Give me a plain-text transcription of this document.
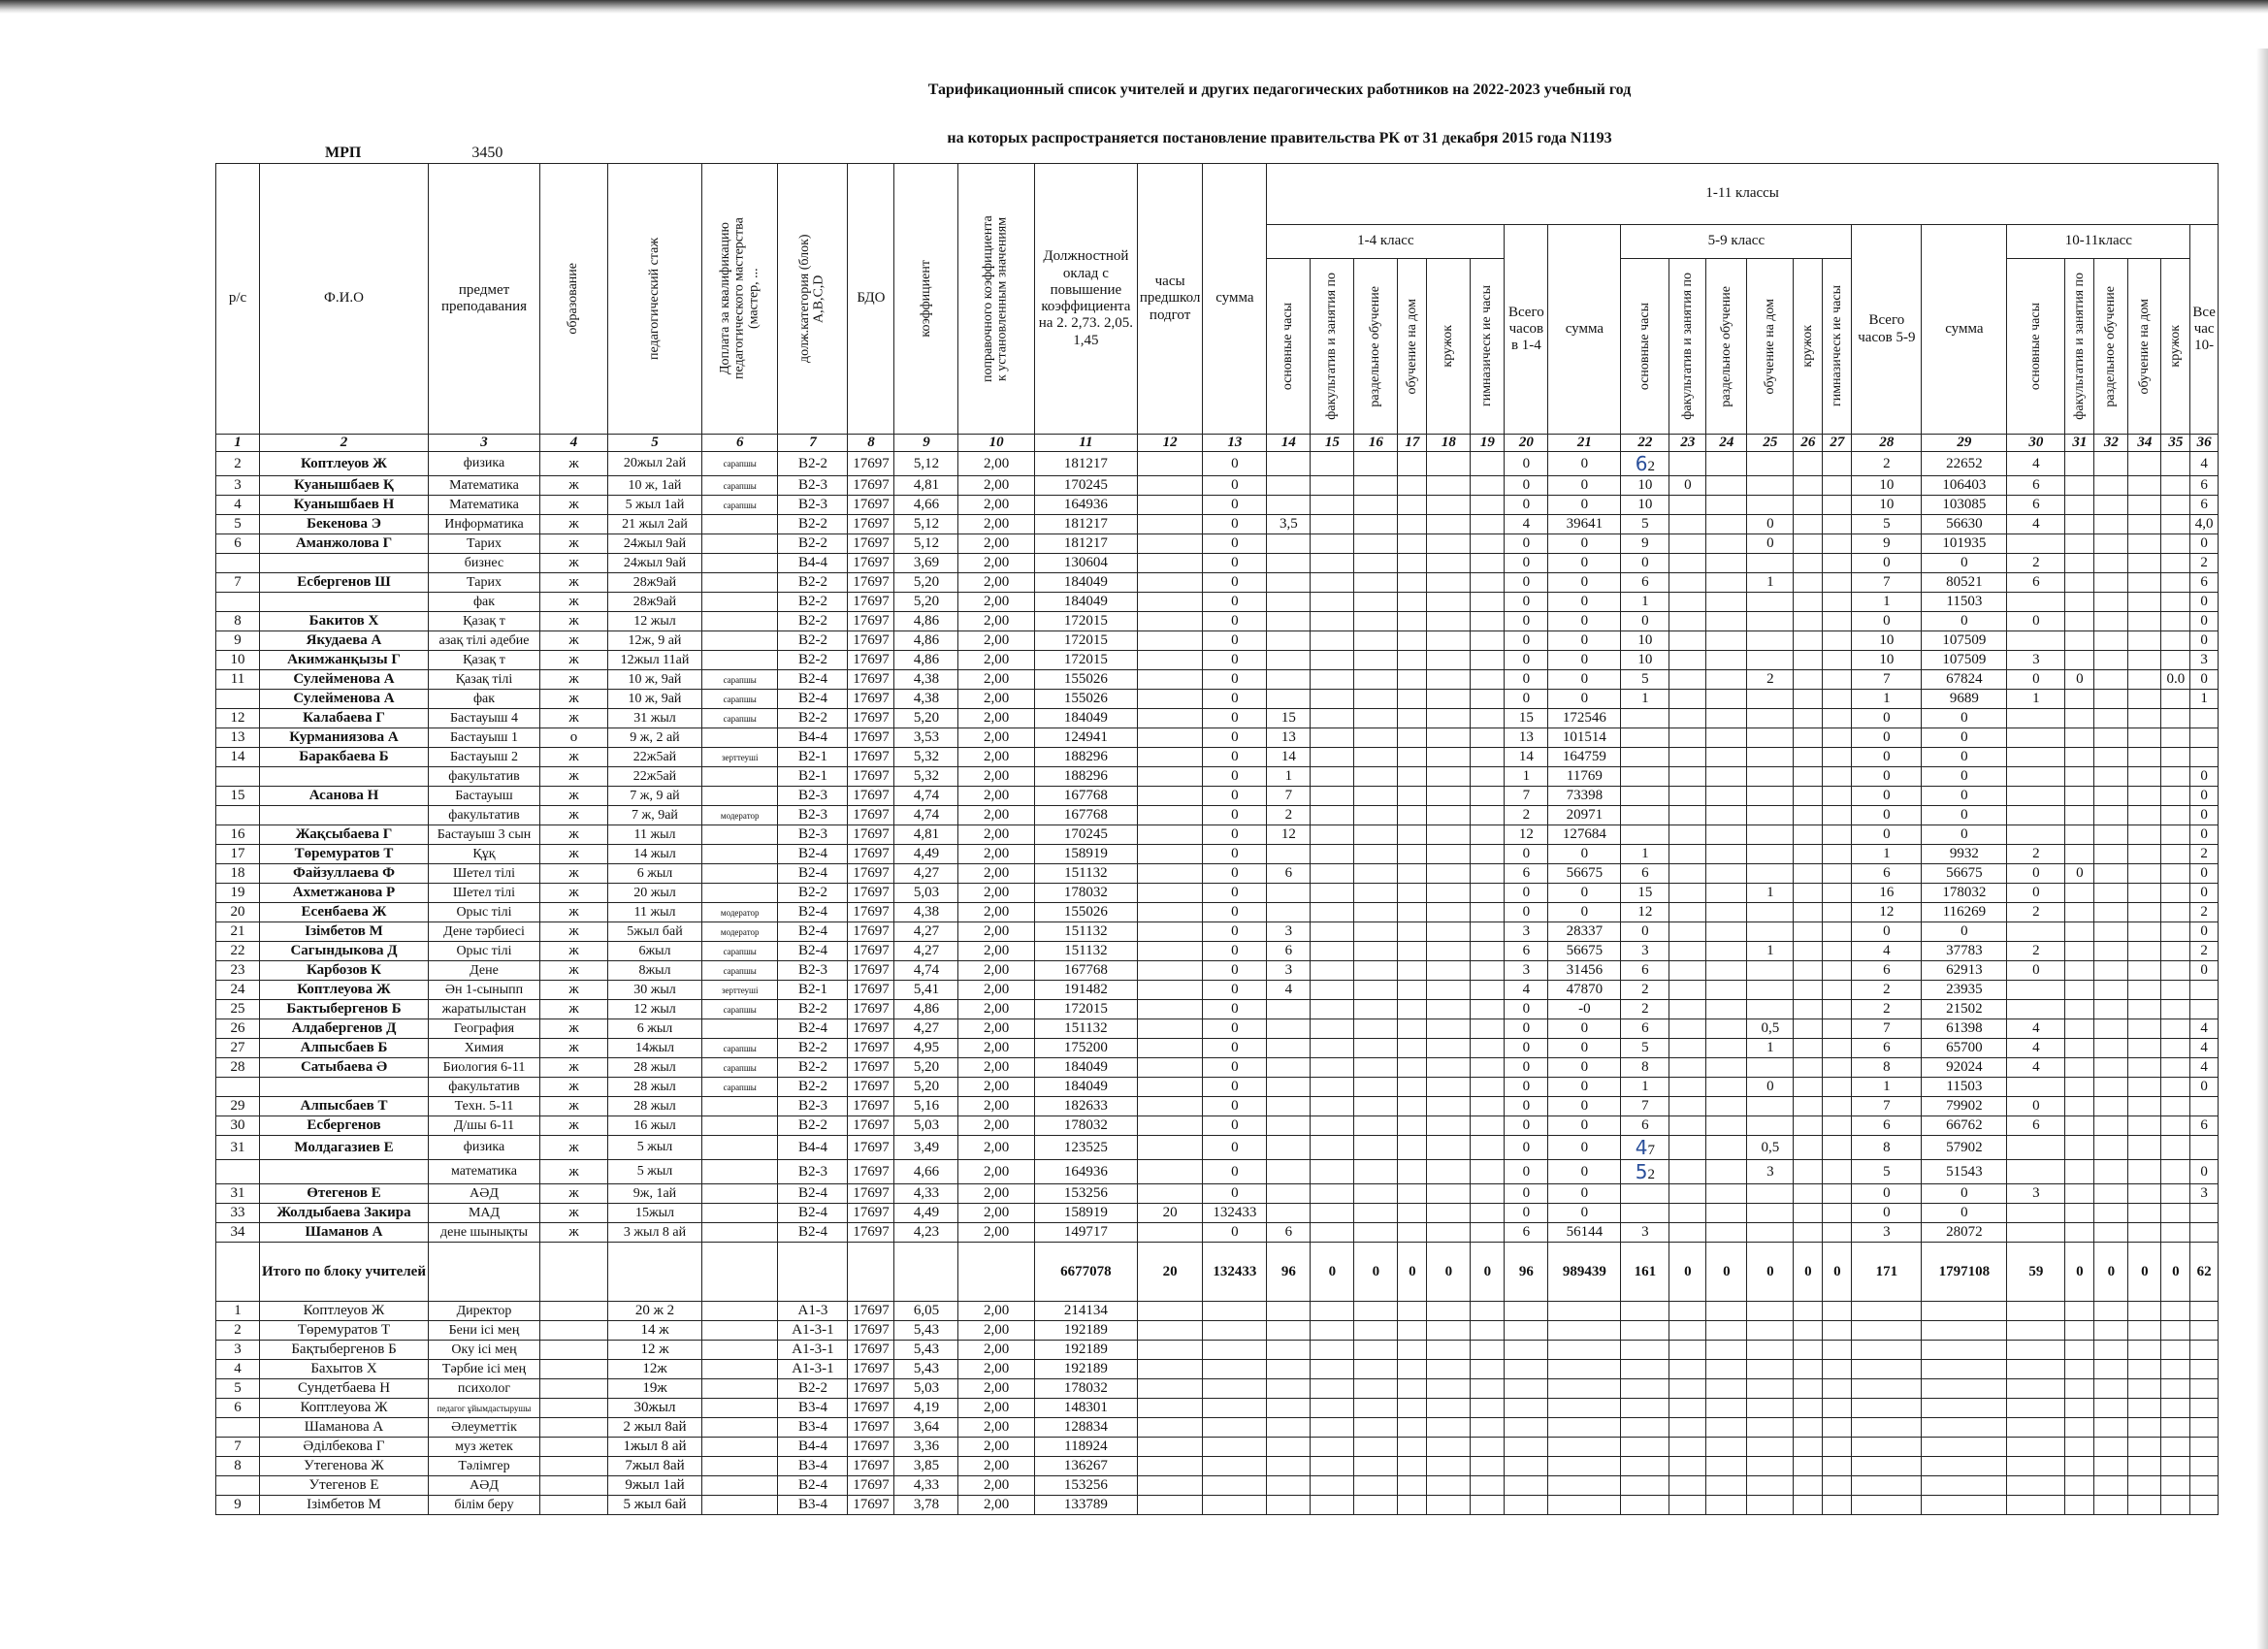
Тарификационный список учителей и других педагогических работников на 2022-2023 учебный год
на которых распространяется постановление правительства РК от 31 декабря 2015 года N1193
МРП	3450
р/с	Ф.И.О	предмет преподавания	образование	педагогический стаж	Доплата за квалификацию педагогического мастерства (мастер, ...	долж.категория (блок) A,B,C,D	БДО	коэффициент	поправочного коэффициента к установленным значениям	Должностной оклад с повышение коэффициента на 2. 2,73. 2,05. 1,45	часы предшкол подгот	сумма	1-11 классы																					
													1-4 класс						Всего часов в 1-4	сумма	5-9 класс						Всего часов 5-9	сумма	10-11класс					Все час 10-

													основные часы	факультатив и занятия по	раздельное обучение	обучение на дом	кружок	гимназическ ие часы			основные часы	факультатив и занятия по	раздельное обучение	обучение на дом	кружок	гимназическ ие часы			основные часы	факультатив и занятия по	раздельное обучение	обучение на дом	кружок	

1	2	3	4	5	6	7	8	9	10	11	12	13	14	15	16	17	18	19	20	21	22	23	24	25	26	27	28	29	30	31	32	34	35	36
2	Коптлеуов Ж	физика	ж	20жыл 2ай	сарапшы	В2-2	17697	5,12	2,00	181217		0							0	0	62						2	22652	4					4
3	Куанышбаев Қ	Математика	ж	10 ж, 1ай	сарапшы	В2-3	17697	4,81	2,00	170245		0							0	0	10	0					10	106403	6					6
4	Куанышбаев Н	Математика	ж	5 жыл 1ай	сарапшы	В2-3	17697	4,66	2,00	164936		0							0	0	10						10	103085	6					6
5	Бекенова Э	Информатика	ж	21 жыл 2ай		В2-2	17697	5,12	2,00	181217		0	3,5						4	39641	5			0			5	56630	4					4,0
6	Аманжолова Г	Тарих	ж	24жыл 9ай		В2-2	17697	5,12	2,00	181217		0							0	0	9			0			9	101935						0
		бизнес	ж	24жыл 9ай		В4-4	17697	3,69	2,00	130604		0							0	0	0						0	0	2					2
7	Есбергенов Ш	Тарих	ж	28ж9ай		В2-2	17697	5,20	2,00	184049		0							0	0	6			1			7	80521	6					6
		фак	ж	28ж9ай		В2-2	17697	5,20	2,00	184049		0							0	0	1						1	11503						0
8	Бакитов Х	Қазақ т	ж	12 жыл		В2-2	17697	4,86	2,00	172015		0							0	0	0						0	0	0					0
9	Якудаева А	азақ тілі әдебие	ж	12ж, 9 ай		В2-2	17697	4,86	2,00	172015		0							0	0	10						10	107509						0
10	Акимжанқызы Г	Қазақ т	ж	12жыл 11ай		В2-2	17697	4,86	2,00	172015		0							0	0	10						10	107509	3					3
11	Сулейменова А	Қазақ тілі	ж	10 ж, 9ай	сарапшы	В2-4	17697	4,38	2,00	155026		0							0	0	5			2			7	67824	0	0			0.0	0
	Сулейменова А	фак	ж	10 ж, 9ай	сарапшы	В2-4	17697	4,38	2,00	155026		0							0	0	1						1	9689	1					1
12	Калабаева Г	Бастауыш 4	ж	31 жыл	сарапшы	В2-2	17697	5,20	2,00	184049		0	15						15	172546							0	0						
13	Курманиязова А	Бастауыш 1	о	9 ж, 2 ай		В4-4	17697	3,53	2,00	124941		0	13						13	101514							0	0						
14	Баракбаева Б	Бастауыш 2	ж	22ж5ай	зерттеуші	В2-1	17697	5,32	2,00	188296		0	14						14	164759							0	0						
		факультатив	ж	22ж5ай		В2-1	17697	5,32	2,00	188296		0	1						1	11769							0	0						0
15	Асанова Н	Бастауыш	ж	7 ж, 9 ай		В2-3	17697	4,74	2,00	167768		0	7						7	73398							0	0						0
		факультатив	ж	7 ж, 9ай	модератор	В2-3	17697	4,74	2,00	167768		0	2						2	20971							0	0						0
16	Жақсыбаева Г	Бастауыш 3 сын	ж	11 жыл		В2-3	17697	4,81	2,00	170245		0	12						12	127684							0	0						0
17	Төремуратов Т	Құқ	ж	14 жыл		В2-4	17697	4,49	2,00	158919		0							0	0	1						1	9932	2					2
18	Файзуллаева Ф	Шетел тілі	ж	6 жыл		В2-4	17697	4,27	2,00	151132		0	6						6	56675	6						6	56675	0	0				0
19	Ахметжанова Р	Шетел тілі	ж	20 жыл		В2-2	17697	5,03	2,00	178032		0							0	0	15			1			16	178032	0					0
20	Есенбаева Ж	Орыс тілі	ж	11 жыл	модератор	В2-4	17697	4,38	2,00	155026		0							0	0	12						12	116269	2					2
21	Ізімбетов М	Дене тәрбиесі	ж	5жыл бай	модератор	В2-4	17697	4,27	2,00	151132		0	3						3	28337	0						0	0						0
22	Сагындыкова Д	Орыс тілі	ж	6жыл	сарапшы	В2-4	17697	4,27	2,00	151132		0	6						6	56675	3			1			4	37783	2					2
23	Карбозов К	Дене	ж	8жыл	сарапшы	В2-3	17697	4,74	2,00	167768		0	3						3	31456	6						6	62913	0					0
24	Коптлеуова Ж	Ән 1-сыныпп	ж	30 жыл	зерттеуші	В2-1	17697	5,41	2,00	191482		0	4						4	47870	2						2	23935						
25	Бактыбергенов Б	жаратылыстан	ж	12 жыл	сарапшы	В2-2	17697	4,86	2,00	172015		0							0	-0	2						2	21502						
26	Алдабергенов Д	География	ж	6 жыл		В2-4	17697	4,27	2,00	151132		0							0	0	6			0,5			7	61398	4					4
27	Алпысбаев Б	Химия	ж	14жыл	сарапшы	В2-2	17697	4,95	2,00	175200		0							0	0	5			1			6	65700	4					4
28	Сатыбаева Ә	Биология 6-11	ж	28 жыл	сарапшы	В2-2	17697	5,20	2,00	184049		0							0	0	8						8	92024	4					4
		факультатив	ж	28 жыл	сарапшы	В2-2	17697	5,20	2,00	184049		0							0	0	1			0			1	11503						0
29	Алпысбаев Т	Техн. 5-11	ж	28 жыл		В2-3	17697	5,16	2,00	182633		0							0	0	7						7	79902	0					
30	Есбергенов	Д/шы 6-11	ж	16 жыл		В2-2	17697	5,03	2,00	178032		0							0	0	6						6	66762	6					6
31	Молдагазиев Е	физика	ж	5 жыл		В4-4	17697	3,49	2,00	123525		0							0	0	47			0,5			8	57902						
		математика	ж	5 жыл		В2-3	17697	4,66	2,00	164936		0							0	0	52			3			5	51543						0
31	Өтегенов Е	АӘД	ж	9ж, 1ай		В2-4	17697	4,33	2,00	153256		0							0	0							0	0	3					3
33	Жолдыбаева Закира	МАД	ж	15жыл		В2-4	17697	4,49	2,00	158919	20	132433							0	0							0	0						
34	Шаманов А	дене шынықты	ж	3 жыл 8 ай		В2-4	17697	4,23	2,00	149717		0	6						6	56144	3						3	28072						
	Итого по блоку учителей									6677078	20	132433	96	0	0	0	0	0	96	989439	161	0	0	0	0	0	171	1797108	59	0	0	0	0	62
1	Коптлеуов Ж	Директор		20 ж 2		А1-3	17697	6,05	2,00	214134																								
2	Төремуратов Т	Бени ісі мең		14 ж		А1-3-1	17697	5,43	2,00	192189																								
3	Бақтыбергенов Б	Оку ісі мең		12 ж		А1-3-1	17697	5,43	2,00	192189																								
4	Бахытов Х	Тәрбие ісі мең		12ж		А1-3-1	17697	5,43	2,00	192189																								
5	Сундетбаева Н	психолог		19ж		В2-2	17697	5,03	2,00	178032																								
6	Коптлеуова Ж	педагог ұйымдастырушы		30жыл		В3-4	17697	4,19	2,00	148301																								
	Шаманова А	Әлеуметтік		2 жыл 8ай		В3-4	17697	3,64	2,00	128834																								
7	Әділбекова Г	муз жетек		1жыл 8 ай		В4-4	17697	3,36	2,00	118924																								
8	Утегенова Ж	Тәлімгер		7жыл 8ай		В3-4	17697	3,85	2,00	136267																								
	Утегенов Е	АӘД		9жыл 1ай		В2-4	17697	4,33	2,00	153256																								
9	Ізімбетов М	білім беру		5 жыл 6ай		В3-4	17697	3,78	2,00	133789																								
